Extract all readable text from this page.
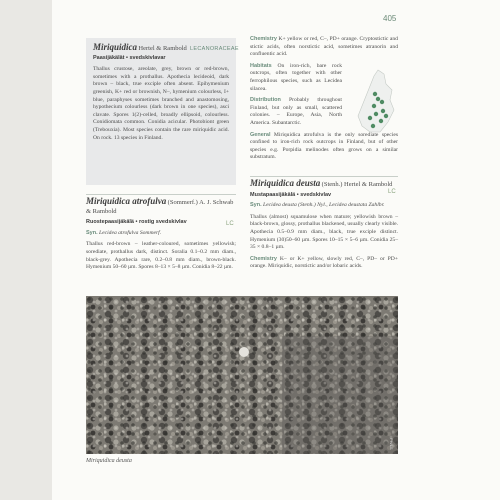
405
Miriquidica Hertel & Rambold
Paasijäkälät • svedskivlavar
Thallus crustose, areolate, grey, brown or red-brown, sometimes with a prothallus. Apothecia lecideoid, dark brown – black, true exciple often absent. Epihymenium greenish, K+ red or brownish, N–, hymenium colourless, I+ blue, paraphyses sometimes branched and anastomosing, hypothecium colourless (dark brown in one species), asci clavate. Spores 1(2)-celled, broadly ellipsoid, colourless. Conidiomata common. Conidia acicular. Photobiont green (Trebouxia). Most species contain the rare miriquidic acid. On rock. 13 species in Finland.
LECANORACEAE
Miriquidica atrofulva (Sommerf.) A. J. Schwab & Rambold
Ruostepaasijäkälä • rostig svedskivlav
Syn. Lecidea atrofulva Sommerf.
Thallus red-brown – leather-coloured, sometimes yellowish; sorediate, prothallus dark, distinct. Soralia 0.1–0.2 mm diam., black-grey. Apothecia rare, 0.2–0.8 mm diam., brown-black. Hymenium 50–60 µm. Spores 8–13 × 5–8 µm. Conidia 8–22 µm.
LC
Chemistry K+ yellow or red, C–, PD+ orange. Cryptostictic and stictic acids, often norstictic acid, sometimes atranorin and confluentic acid.
Habitats On iron-rich, bare rock outcrops, often together with other ferrophilous species, such as Lecidea silacea.
Distribution Probably throughout Finland, but only as small, scattered colonies. – Europe, Asia, North America. Subantarctic.
General Miriquidica atrofulva is the only sorediate species confined to iron-rich rock outcrops in Finland, but of other species e.g. Porpidia melinodes often grows on a similar substratum.
Miriquidica deusta (Stenh.) Hertel & Rambold
Mustapaasijäkälä • svedskivlav
Syn. Lecidea deusta (Stenh.) Nyl., Lecidea deustata Zahlbr.
Thallus (almost) squamulose when mature; yellowish brown – black-brown, glossy, prothallus blackened, usually clearly visible. Apothecia 0.5–0.9 mm diam., black, true exciple distinct. Hymenium (30)50–60 µm. Spores 10–15 × 5–6 µm. Conidia 25–35 × 0.8–1 µm.
Chemistry K– or K+ yellow, slowly red, C–, PD– or PD+ orange. Miriquidic, norstictic and/or lobaric acids.
LC
PH/LS
Miriquidica deusta
